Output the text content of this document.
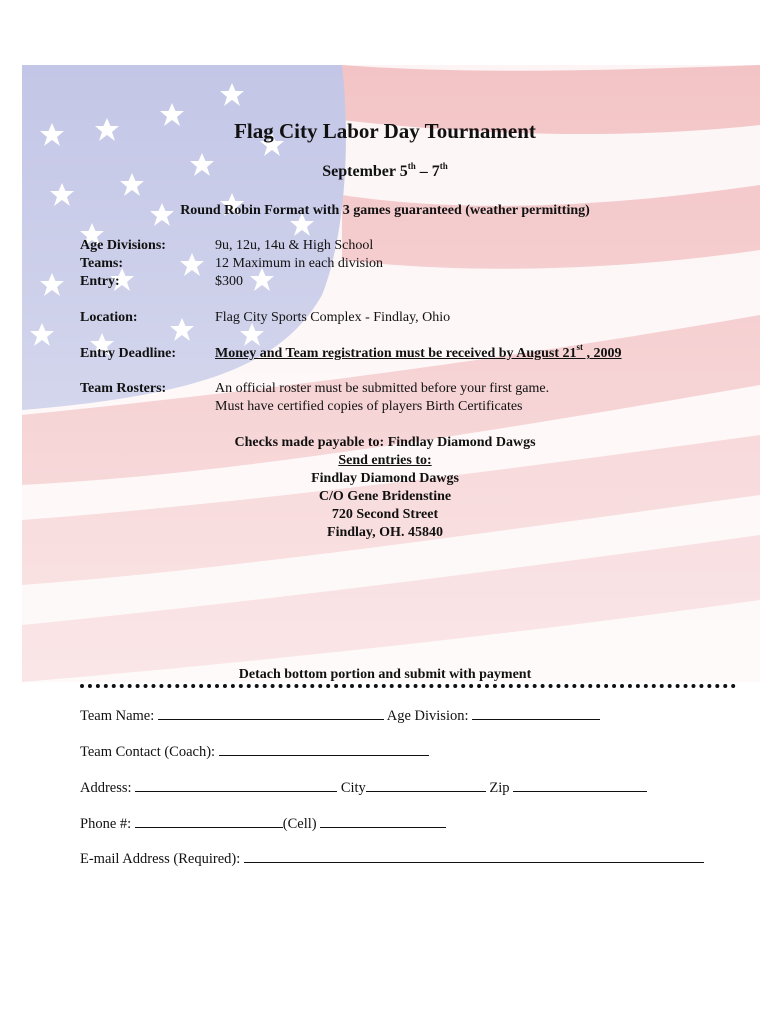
Flag City Labor Day Tournament
September 5th – 7th
Round Robin Format with 3 games guaranteed (weather permitting)
Age Divisions:	9u, 12u, 14u & High School
Teams:	12 Maximum in each division
Entry:	$300
Location:	Flag City Sports Complex - Findlay, Ohio
Entry Deadline:	Money and Team registration must be received by August 21st , 2009
Team Rosters:	An official roster must be submitted before your first game.
Must have certified copies of players Birth Certificates
Checks made payable to: Findlay Diamond Dawgs
Send entries to:
Findlay Diamond Dawgs
C/O Gene Bridenstine
720 Second Street
Findlay, OH. 45840
Detach bottom portion and submit with payment
Team Name:	Age Division:
Team Contact (Coach):
Address:	City	Zip
Phone #:	(Cell)
E-mail Address (Required):
